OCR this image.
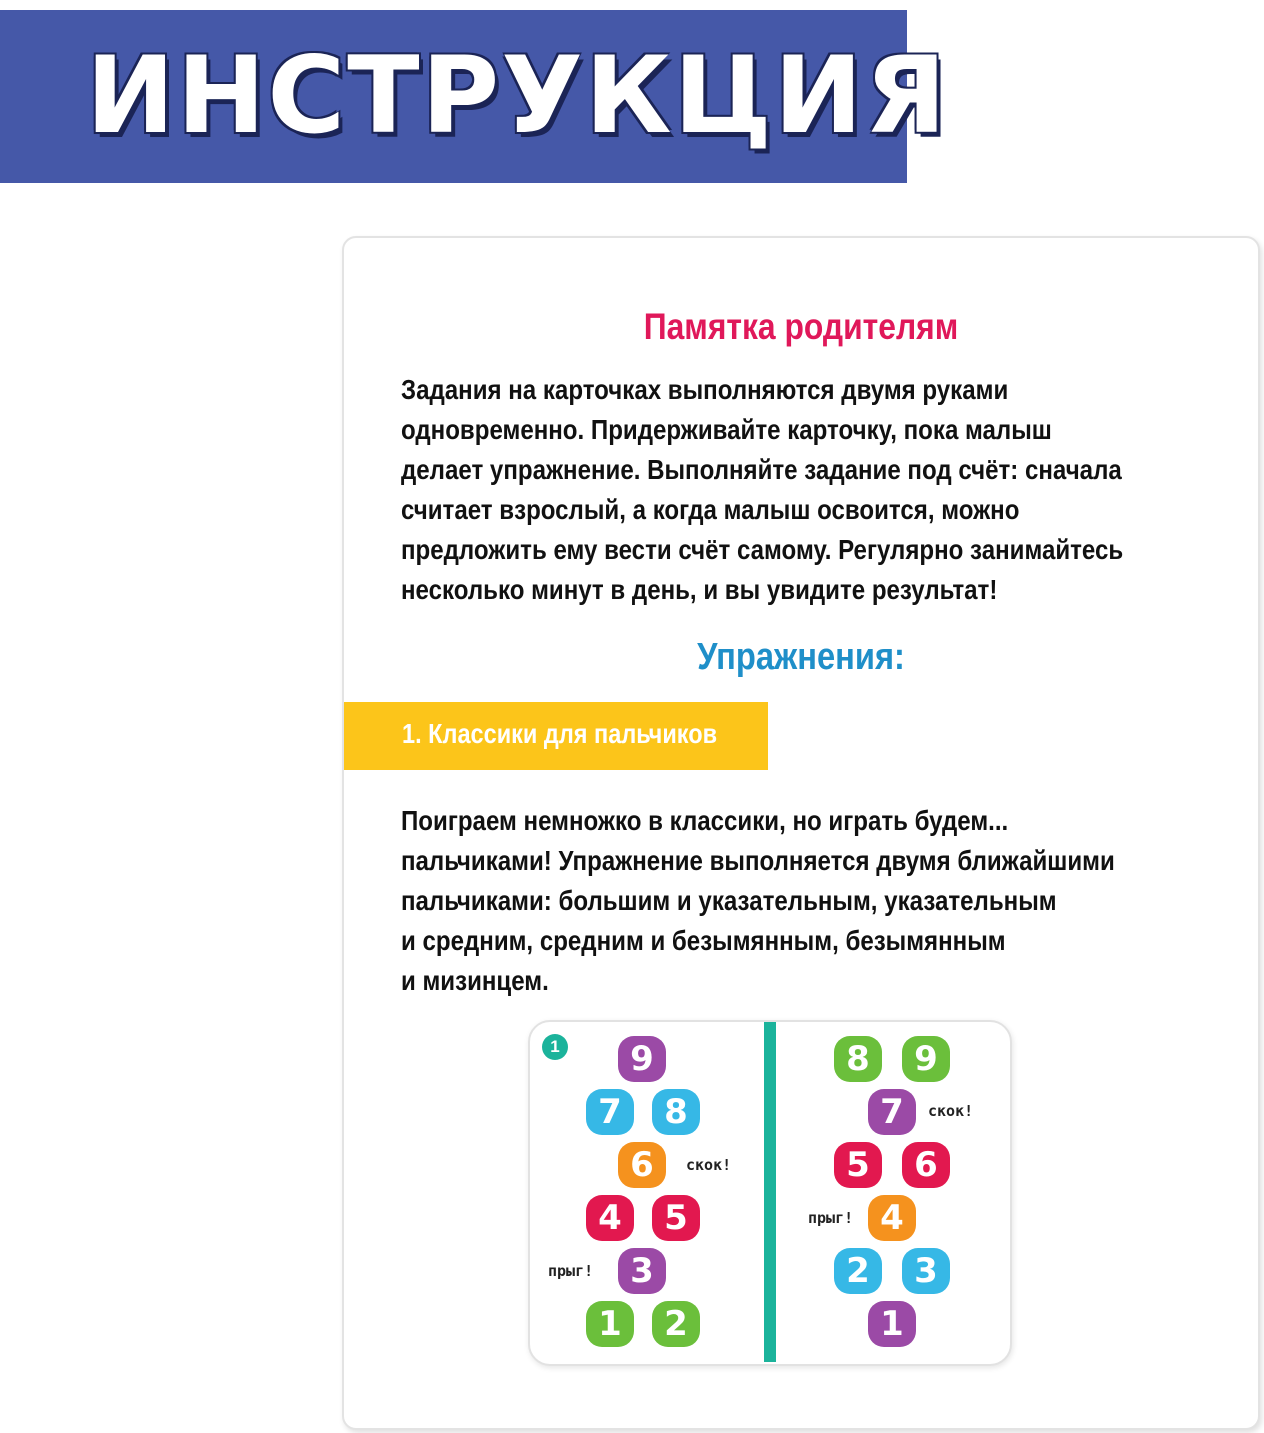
ИНСТРУКЦИЯ
Памятка родителям
Задания на карточках выполняются двумя руками
одновременно. Придерживайте карточку, пока малыш
делает упражнение. Выполняйте задание под счёт: сначала
считает взрослый, а когда малыш освоится, можно
предложить ему вести счёт самому. Регулярно занимайтесь
несколько минут в день, и вы увидите результат!
Упражнения:
1. Классики для пальчиков
Поиграем немножко в классики, но играть будем...
пальчиками! Упражнение выполняется двумя ближайшими
пальчиками: большим и указательным, указательным
и средним, средним и безымянным, безымянным
и мизинцем.
1	9
7	8
6
4	5
3
1	2
скок!
прыг!
8	9
7
5	6
4
2	3
1
скок!
прыг!
